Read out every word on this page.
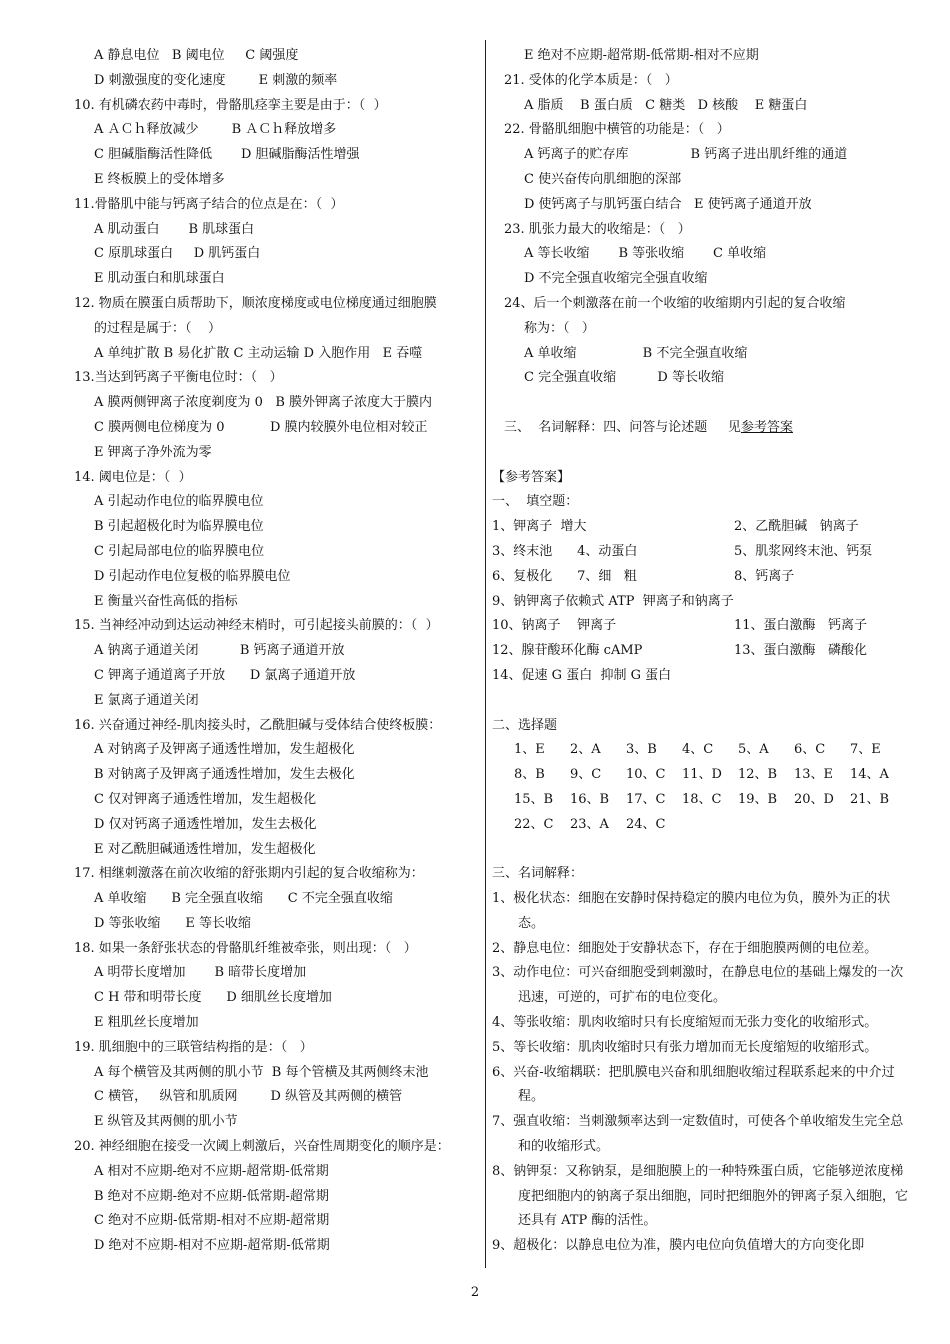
A 静息电位   B 阈电位     C 阈强度
D 刺激强度的变化速度        E 刺激的频率
10. 有机磷农药中毒时，骨骼肌痉挛主要是由于：（  ）
A ＡＣｈ释放减少        B ＡＣｈ释放增多
C 胆碱脂酶活性降低       D 胆碱脂酶活性增强
E 终板膜上的受体增多
11.骨骼肌中能与钙离子结合的位点是在：（  ）
A 肌动蛋白       B 肌球蛋白
C 原肌球蛋白     D 肌钙蛋白
E 肌动蛋白和肌球蛋白
12. 物质在膜蛋白质帮助下，顺浓度梯度或电位梯度通过细胞膜
的过程是属于：（    ）
A 单纯扩散 B 易化扩散 C 主动运输 D 入胞作用   E 吞噬
13.当达到钙离子平衡电位时：（   ）
A 膜两侧钾离子浓度剃度为 0   B 膜外钾离子浓度大于膜内
C 膜两侧电位梯度为 0           D 膜内较膜外电位相对较正
E 钾离子净外流为零
14. 阈电位是：（  ）
A 引起动作电位的临界膜电位
B 引起超极化时为临界膜电位
C 引起局部电位的临界膜电位
D 引起动作电位复极的临界膜电位
E 衡量兴奋性高低的指标
15. 当神经冲动到达运动神经末梢时，可引起接头前膜的：（  ）
A 钠离子通道关闭          B 钙离子通道开放
C 钾离子通道离子开放      D 氯离子通道开放
E 氯离子通道关闭
16. 兴奋通过神经-肌肉接头时，乙酰胆碱与受体结合使终板膜：
A 对钠离子及钾离子通透性增加，发生超极化
B 对钠离子及钾离子通透性增加，发生去极化
C 仅对钾离子通透性增加，发生超极化
D 仅对钙离子通透性增加，发生去极化
E 对乙酰胆碱通透性增加，发生超极化
17. 相继刺激落在前次收缩的舒张期内引起的复合收缩称为：
A 单收缩      B 完全强直收缩      C 不完全强直收缩
D 等张收缩      E 等长收缩
18. 如果一条舒张状态的骨骼肌纤维被牵张，则出现：（   ）
A 明带长度增加       B 暗带长度增加
C H 带和明带长度      D 细肌丝长度增加
E 粗肌丝长度增加
19. 肌细胞中的三联管结构指的是：（   ）
A 每个横管及其两侧的肌小节  B 每个管横及其两侧终末池
C 横管，   纵管和肌质网        D 纵管及其两侧的横管
E 纵管及其两侧的肌小节
20. 神经细胞在接受一次阈上刺激后，兴奋性周期变化的顺序是：
A 相对不应期-绝对不应期-超常期-低常期
B 绝对不应期-绝对不应期-低常期-超常期
C 绝对不应期-低常期-相对不应期-超常期
D 绝对不应期-相对不应期-超常期-低常期
E 绝对不应期-超常期-低常期-相对不应期
21. 受体的化学本质是：（   ）
A 脂质    B 蛋白质   C 糖类   D 核酸    E 糖蛋白
22. 骨骼肌细胞中横管的功能是：（   ）
A 钙离子的贮存库               B 钙离子进出肌纤维的通道
C 使兴奋传向肌细胞的深部
D 使钙离子与肌钙蛋白结合   E 使钙离子通道开放
23. 肌张力最大的收缩是：（   ）
A 等长收缩       B 等张收缩       C 单收缩
D 不完全强直收缩完全强直收缩
24、后一个刺激落在前一个收缩的收缩期内引起的复合收缩
称为：（   ）
A 单收缩                B 不完全强直收缩
C 完全强直收缩          D 等长收缩
三、  名词解释：四、问答与论述题     见参考答案
【参考答案】
一、  填空题：
1、钾离子  增大	2、乙酰胆碱   钠离子
3、终末池      4、动蛋白	5、肌浆网终末池、钙泵
6、复极化      7、细   粗	8、钙离子
9、钠钾离子依赖式 ATP  钾离子和钠离子
10、钠离子    钾离子	11、蛋白激酶   钙离子
12、腺苷酸环化酶 cAMP	13、蛋白激酶   磷酸化
14、促速 G 蛋白  抑制 G 蛋白
二、选择题
1、E	2、A	3、B	4、C	5、A	6、C	7、E
8、B	9、C	10、C	11、D	12、B	13、E	14、A
15、B	16、B	17、C	18、C	19、B	20、D	21、B
22、C	23、A	24、C
三、名词解释：
1、极化状态：细胞在安静时保持稳定的膜内电位为负，膜外为正的状态。
2、静息电位：细胞处于安静状态下，存在于细胞膜两侧的电位差。
3、动作电位：可兴奋细胞受到刺激时，在静息电位的基础上爆发的一次迅速，可逆的，可扩布的电位变化。
4、等张收缩：肌肉收缩时只有长度缩短而无张力变化的收缩形式。
5、等长收缩：肌肉收缩时只有张力增加而无长度缩短的收缩形式。
6、兴奋-收缩耦联：把肌膜电兴奋和肌细胞收缩过程联系起来的中介过程。
7、强直收缩：当刺激频率达到一定数值时，可使各个单收缩发生完全总和的收缩形式。
8、钠钾泵：又称钠泵，是细胞膜上的一种特殊蛋白质，它能够逆浓度梯度把细胞内的钠离子泵出细胞，同时把细胞外的钾离子泵入细胞，它还具有 ATP 酶的活性。
9、超极化：以静息电位为准，膜内电位向负值增大的方向变化即
2
